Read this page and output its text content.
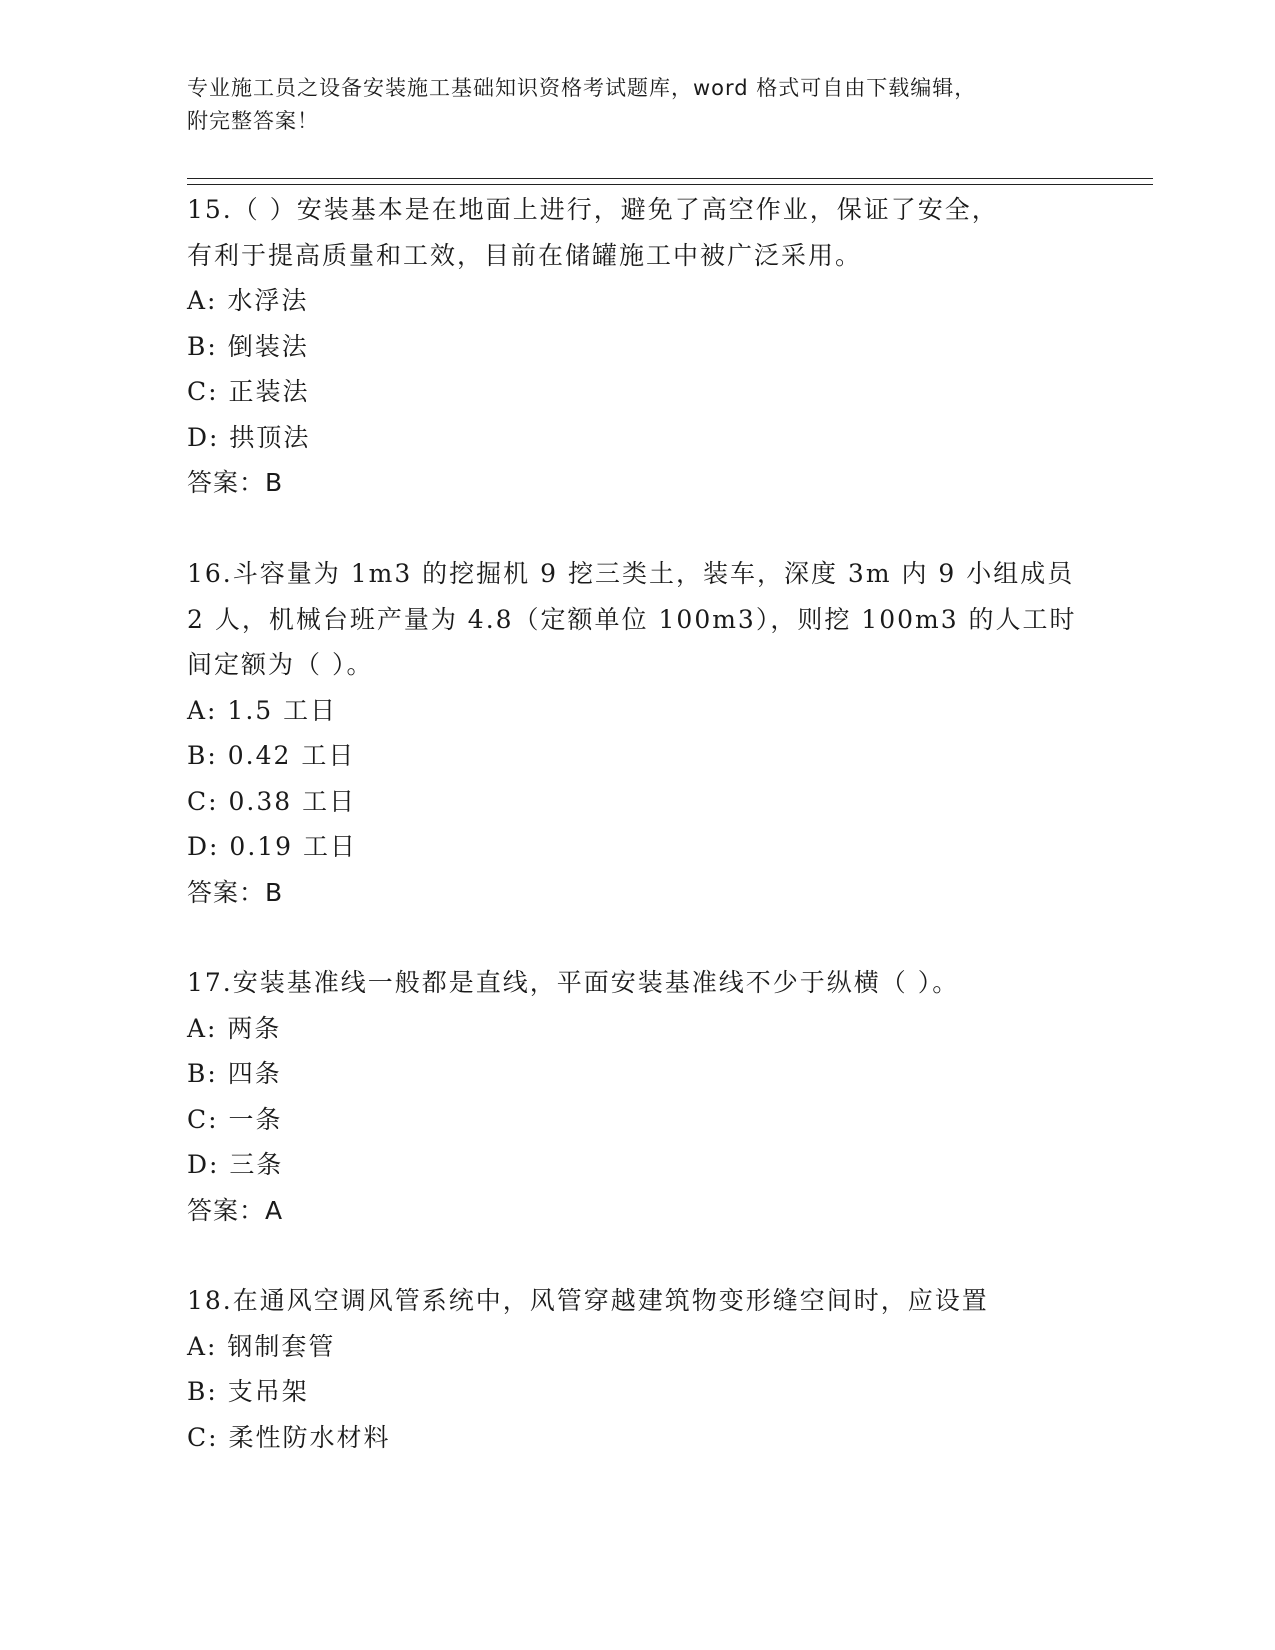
专业施工员之设备安装施工基础知识资格考试题库，word 格式可自由下载编辑，
附完整答案！
15.（ ）安装基本是在地面上进行，避免了高空作业，保证了安全，
有利于提高质量和工效，目前在储罐施工中被广泛采用。
A: 水浮法
B: 倒装法
C: 正装法
D: 拱顶法
答案：B
16.斗容量为 1m3 的挖掘机 9 挖三类土，装车，深度 3m 内 9 小组成员
2 人，机械台班产量为 4.8（定额单位 100m3），则挖 100m3 的人工时
间定额为（ ）。
A: 1.5 工日
B: 0.42 工日
C: 0.38 工日
D: 0.19 工日
答案：B
17.安装基准线一般都是直线，平面安装基准线不少于纵横（ ）。
A: 两条
B: 四条
C: 一条
D: 三条
答案：A
18.在通风空调风管系统中，风管穿越建筑物变形缝空间时，应设置
A: 钢制套管
B: 支吊架
C: 柔性防水材料
